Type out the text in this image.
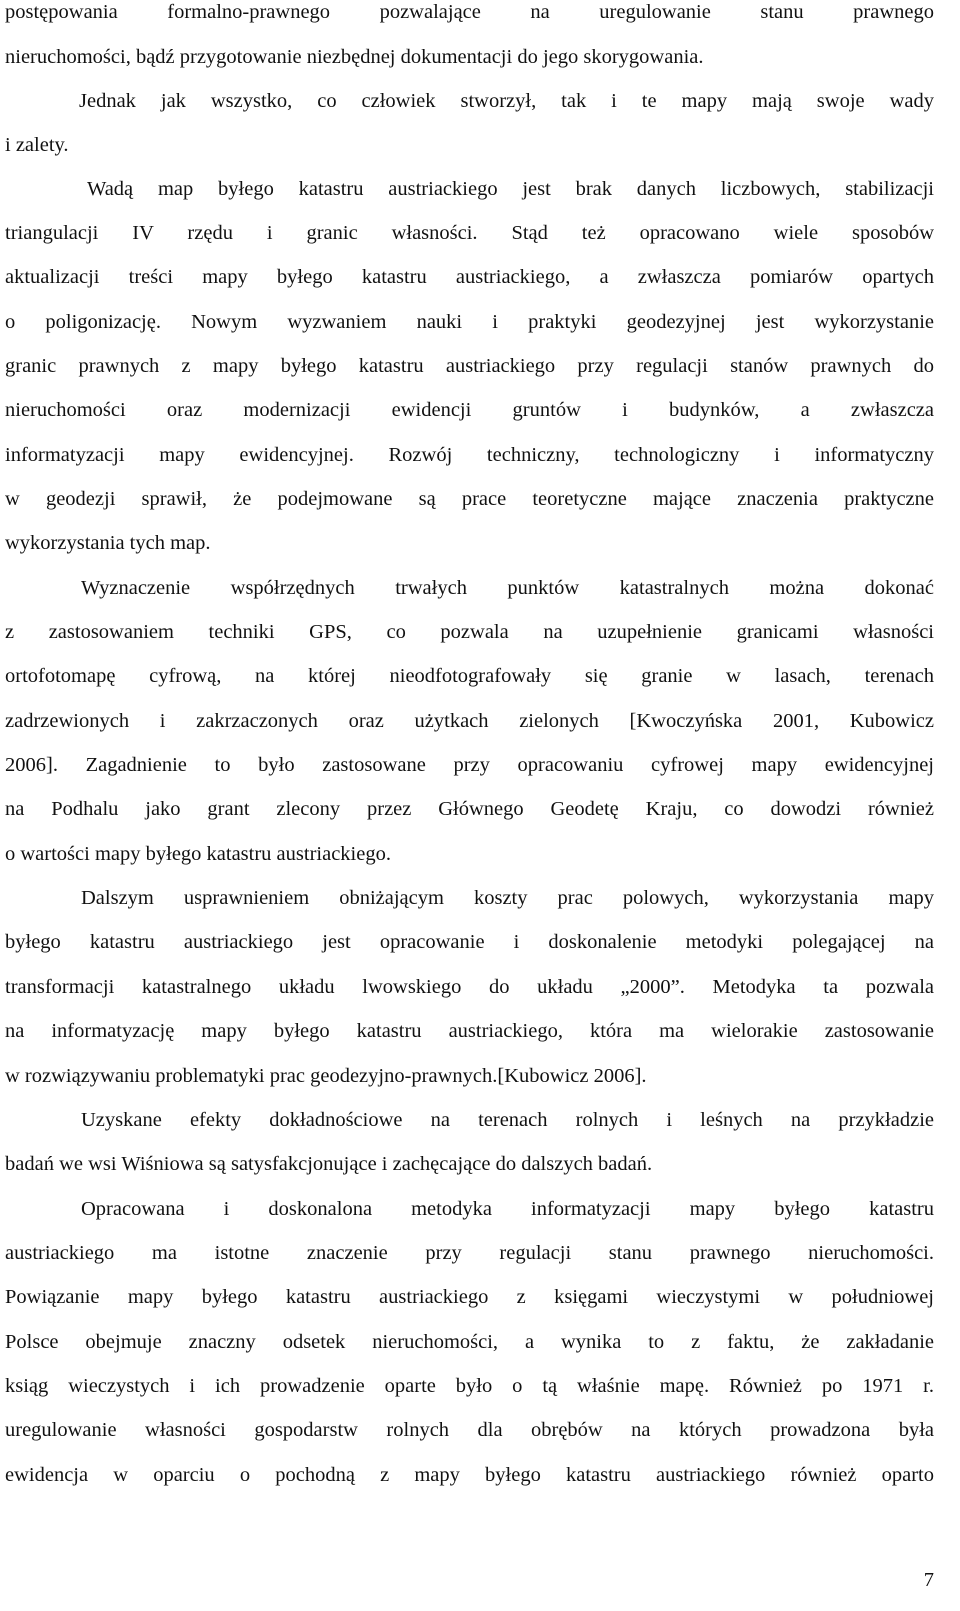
postępowania formalno-prawnego pozwalające na uregulowanie stanu prawnego
nieruchomości, bądź przygotowanie niezbędnej dokumentacji do jego skorygowania.
Jednak jak wszystko, co człowiek stworzył, tak i te mapy mają swoje wady
i zalety.
Wadą map byłego katastru austriackiego jest brak danych liczbowych, stabilizacji
triangulacji IV rzędu i granic własności. Stąd też opracowano wiele sposobów
aktualizacji treści mapy byłego katastru austriackiego, a zwłaszcza pomiarów opartych
o poligonizację. Nowym wyzwaniem nauki i praktyki geodezyjnej jest wykorzystanie
granic prawnych z mapy byłego katastru austriackiego przy regulacji stanów prawnych do
nieruchomości oraz modernizacji ewidencji gruntów i budynków, a zwłaszcza
informatyzacji mapy ewidencyjnej. Rozwój techniczny, technologiczny i informatyczny
w geodezji sprawił, że podejmowane są prace teoretyczne mające znaczenia praktyczne
wykorzystania tych map.
Wyznaczenie współrzędnych trwałych punktów katastralnych można dokonać
z zastosowaniem techniki GPS, co pozwala na uzupełnienie granicami własności
ortofotomapę cyfrową, na której nieodfotografowały się granie w lasach, terenach
zadrzewionych i zakrzaczonych oraz użytkach zielonych [Kwoczyńska 2001, Kubowicz
2006]. Zagadnienie to było zastosowane przy opracowaniu cyfrowej mapy ewidencyjnej
na Podhalu jako grant zlecony przez Głównego Geodetę Kraju, co dowodzi również
o wartości mapy byłego katastru austriackiego.
Dalszym usprawnieniem obniżającym koszty prac polowych, wykorzystania mapy
byłego katastru austriackiego jest opracowanie i doskonalenie metodyki polegającej na
transformacji katastralnego układu lwowskiego do układu „2000”. Metodyka ta pozwala
na informatyzację mapy byłego katastru austriackiego, która ma wielorakie zastosowanie
w rozwiązywaniu problematyki prac geodezyjno-prawnych.[Kubowicz 2006].
Uzyskane efekty dokładnościowe na terenach rolnych i leśnych na przykładzie
badań we wsi Wiśniowa są satysfakcjonujące i zachęcające do dalszych badań.
Opracowana i doskonalona metodyka informatyzacji mapy byłego katastru
austriackiego ma istotne znaczenie przy regulacji stanu prawnego nieruchomości.
Powiązanie mapy byłego katastru austriackiego z księgami wieczystymi w południowej
Polsce obejmuje znaczny odsetek nieruchomości, a wynika to z faktu, że zakładanie
ksiąg wieczystych i ich prowadzenie oparte było o tą właśnie mapę. Również po 1971 r.
uregulowanie własności gospodarstw rolnych dla obrębów na których prowadzona była
ewidencja w oparciu o pochodną z mapy byłego katastru austriackiego również oparto
7
